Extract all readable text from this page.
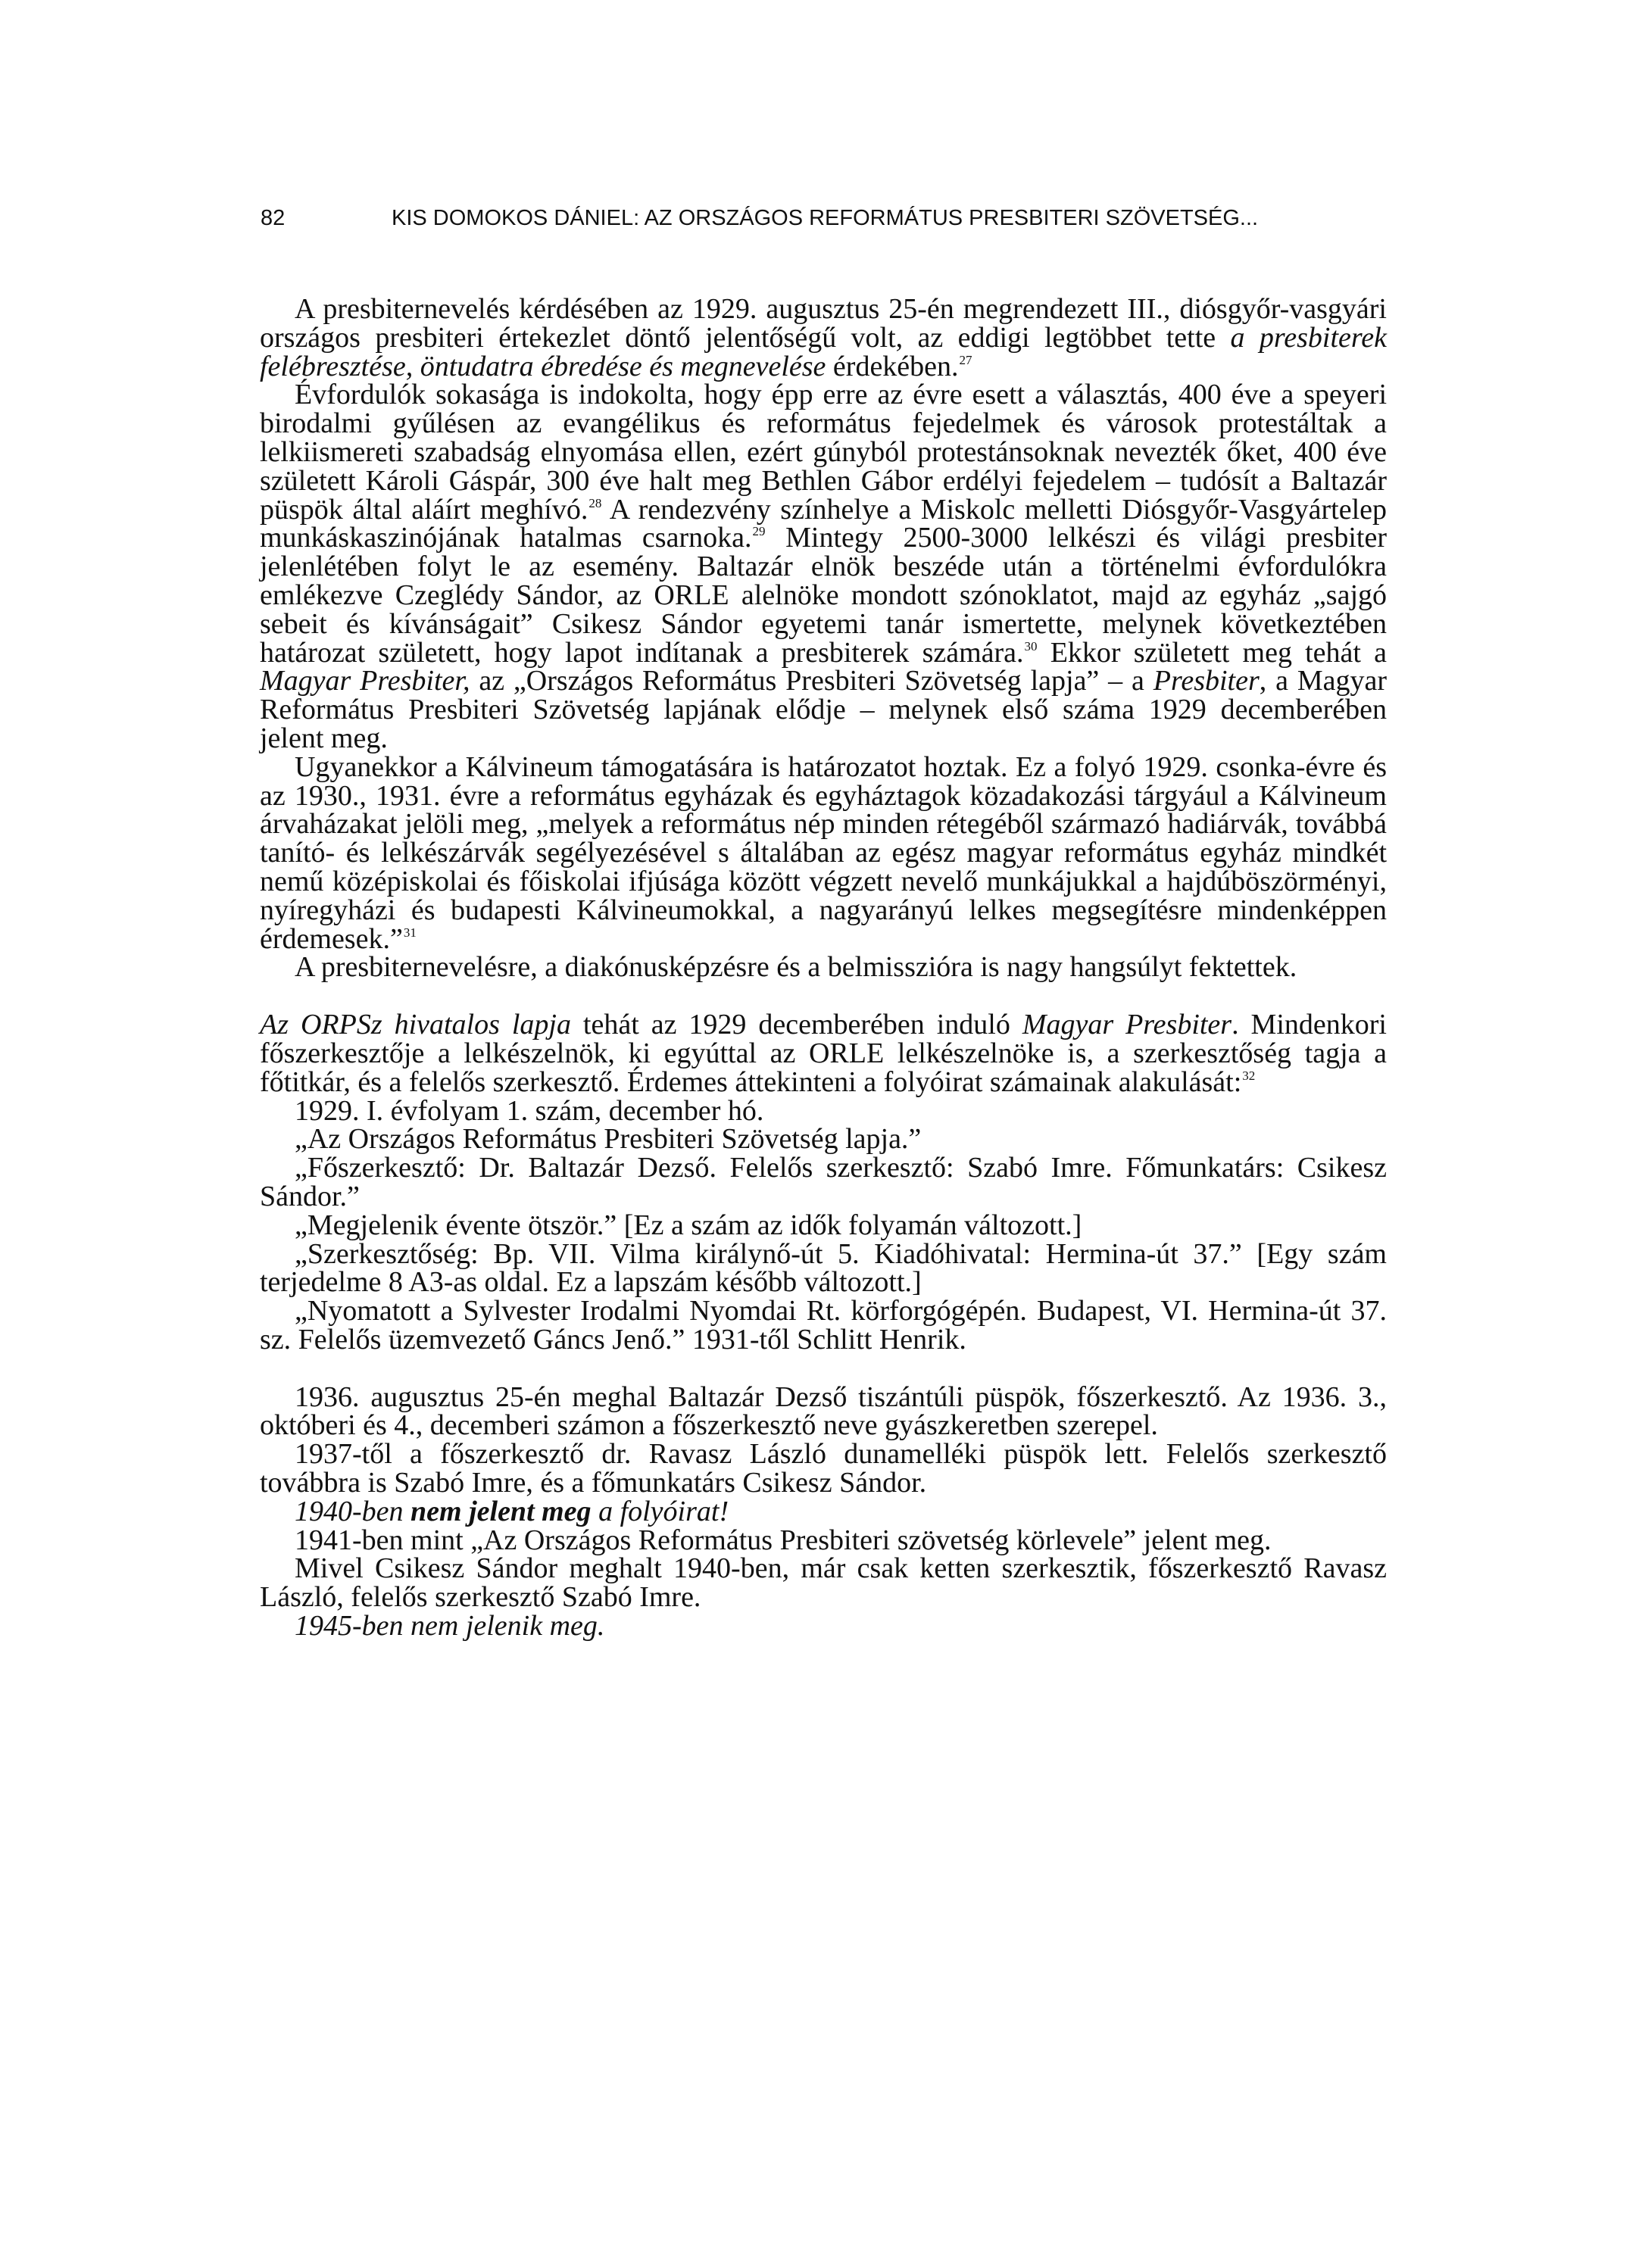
82	KIS DOMOKOS DÁNIEL: AZ ORSZÁGOS REFORMÁTUS PRESBITERI SZÖVETSÉG...

A presbiternevelés kérdésében az 1929. augusztus 25-én megrendezett III., diósgyőr-vasgyári országos presbiteri értekezlet döntő jelentőségű volt, az eddigi legtöbbet tette a presbiterek felébresztése, öntudatra ébredése és megnevelése érdekében.$^{27}$

Évfordulók sokasága is indokolta, hogy épp erre az évre esett a választás, 400 éve a speyeri birodalmi gyűlésen az evangélikus és református fejedelmek és városok protestáltak a lelkiismereti szabadság elnyomása ellen, ezért gúnyból protestánsoknak nevezték őket, 400 éve született Károli Gáspár, 300 éve halt meg Bethlen Gábor erdélyi fejedelem – tudósít a Baltazár püspök által aláírt meghívó.$^{28}$ A rendezvény színhelye a Miskolc melletti Diósgyőr-Vasgyártelep munkáskaszinójának hatalmas csarnoka.$^{29}$ Mintegy 2500-3000 lelkészi és világi presbiter jelenlétében folyt le az esemény. Baltazár elnök beszéde után a történelmi évfordulókra emlékezve Czeglédy Sándor, az ORLE alelnöke mondott szónoklatot, majd az egyház „sajgó sebeit és kívánságait” Csikesz Sándor egyetemi tanár ismertette, melynek következtében határozat született, hogy lapot indítanak a presbiterek számára.$^{30}$ Ekkor született meg tehát a Magyar Presbiter, az „Országos Református Presbiteri Szövetség lapja” – a Presbiter, a Magyar Református Presbiteri Szövetség lapjának elődje – melynek első száma 1929 decemberében jelent meg.

Ugyanekkor a Kálvineum támogatására is határozatot hoztak. Ez a folyó 1929. csonka-évre és az 1930., 1931. évre a református egyházak és egyháztagok közadakozási tárgyául a Kálvineum árvaházakat jelöli meg, „melyek a református nép minden rétegéből származó hadiárvák, továbbá tanító- és lelkészárvák segélyezésével s általában az egész magyar református egyház mindkét nemű középiskolai és főiskolai ifjúsága között végzett nevelő munkájukkal a hajdúböszörményi, nyíregyházi és budapesti Kálvineumokkal, a nagyarányú lelkes megsegítésre mindenképpen érdemesek.”$^{31}$

A presbiternevelésre, a diakónusképzésre és a belmisszióra is nagy hangsúlyt fektettek.

Az ORPSz hivatalos lapja tehát az 1929 decemberében induló Magyar Presbiter. Mindenkori főszerkesztője a lelkészelnök, ki egyúttal az ORLE lelkészelnöke is, a szerkesztőség tagja a főtitkár, és a felelős szerkesztő. Érdemes áttekinteni a folyóirat számainak alakulását:$^{32}$

1929. I. évfolyam 1. szám, december hó.

„Az Országos Református Presbiteri Szövetség lapja.”

„Főszerkesztő: Dr. Baltazár Dezső. Felelős szerkesztő: Szabó Imre. Főmunkatárs: Csikesz Sándor.”

„Megjelenik évente ötször.” [Ez a szám az idők folyamán változott.]

„Szerkesztőség: Bp. VII. Vilma királynő-út 5. Kiadóhivatal: Hermina-út 37.” [Egy szám terjedelme 8 A3-as oldal. Ez a lapszám később változott.]

„Nyomatott a Sylvester Irodalmi Nyomdai Rt. körforgógépén. Budapest, VI. Hermina-út 37. sz. Felelős üzemvezető Gáncs Jenő.” 1931-től Schlitt Henrik.

1936. augusztus 25-én meghal Baltazár Dezső tiszántúli püspök, főszerkesztő. Az 1936. 3., októberi és 4., decemberi számon a főszerkesztő neve gyászkeretben szerepel.

1937-től a főszerkesztő dr. Ravasz László dunamelléki püspök lett. Felelős szerkesztő továbbra is Szabó Imre, és a főmunkatárs Csikesz Sándor.

1940-ben nem jelent meg a folyóirat!

1941-ben mint „Az Országos Református Presbiteri szövetség körlevele” jelent meg.

Mivel Csikesz Sándor meghalt 1940-ben, már csak ketten szerkesztik, főszerkesztő Ravasz László, felelős szerkesztő Szabó Imre.

1945-ben nem jelenik meg.
